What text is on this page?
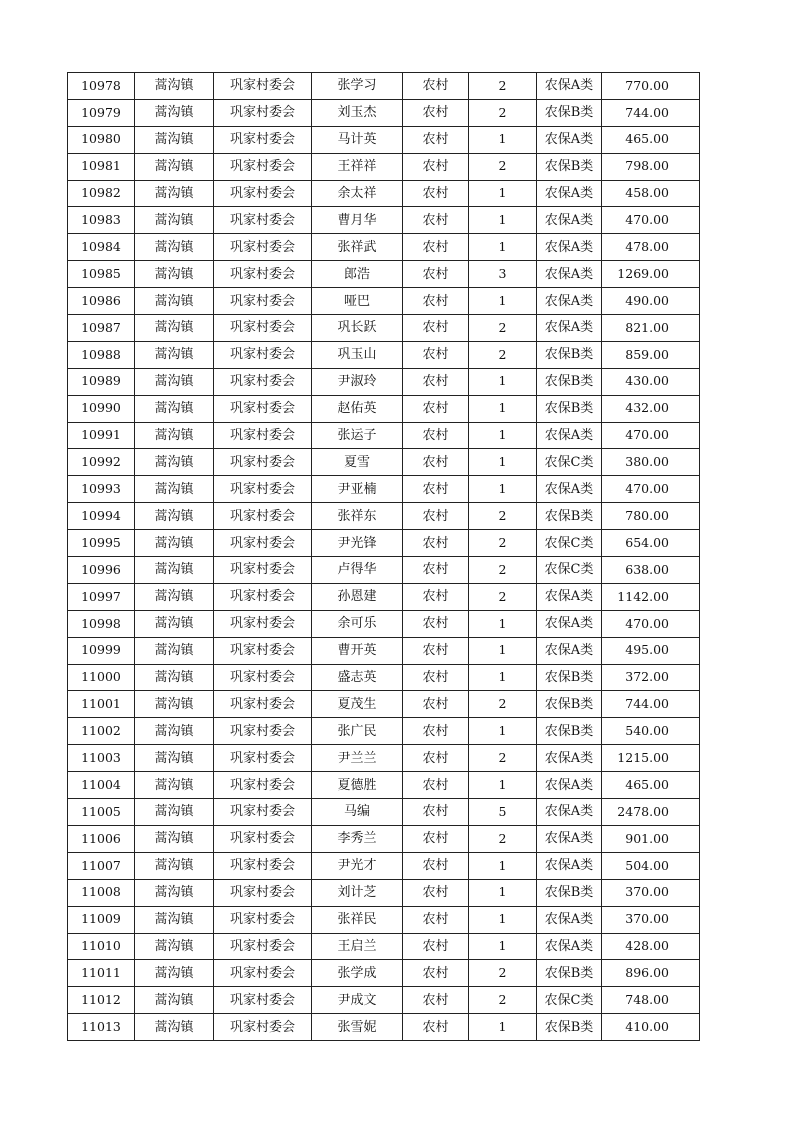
10978	蒿沟镇	巩家村委会	张学习	农村	2	农保A类	770.00
10979	蒿沟镇	巩家村委会	刘玉杰	农村	2	农保B类	744.00
10980	蒿沟镇	巩家村委会	马计英	农村	1	农保A类	465.00
10981	蒿沟镇	巩家村委会	王祥祥	农村	2	农保B类	798.00
10982	蒿沟镇	巩家村委会	余太祥	农村	1	农保A类	458.00
10983	蒿沟镇	巩家村委会	曹月华	农村	1	农保A类	470.00
10984	蒿沟镇	巩家村委会	张祥武	农村	1	农保A类	478.00
10985	蒿沟镇	巩家村委会	郎浩	农村	3	农保A类	1269.00
10986	蒿沟镇	巩家村委会	哑巴	农村	1	农保A类	490.00
10987	蒿沟镇	巩家村委会	巩长跃	农村	2	农保A类	821.00
10988	蒿沟镇	巩家村委会	巩玉山	农村	2	农保B类	859.00
10989	蒿沟镇	巩家村委会	尹淑玲	农村	1	农保B类	430.00
10990	蒿沟镇	巩家村委会	赵佑英	农村	1	农保B类	432.00
10991	蒿沟镇	巩家村委会	张运子	农村	1	农保A类	470.00
10992	蒿沟镇	巩家村委会	夏雪	农村	1	农保C类	380.00
10993	蒿沟镇	巩家村委会	尹亚楠	农村	1	农保A类	470.00
10994	蒿沟镇	巩家村委会	张祥东	农村	2	农保B类	780.00
10995	蒿沟镇	巩家村委会	尹光锋	农村	2	农保C类	654.00
10996	蒿沟镇	巩家村委会	卢得华	农村	2	农保C类	638.00
10997	蒿沟镇	巩家村委会	孙恩建	农村	2	农保A类	1142.00
10998	蒿沟镇	巩家村委会	余可乐	农村	1	农保A类	470.00
10999	蒿沟镇	巩家村委会	曹开英	农村	1	农保A类	495.00
11000	蒿沟镇	巩家村委会	盛志英	农村	1	农保B类	372.00
11001	蒿沟镇	巩家村委会	夏茂生	农村	2	农保B类	744.00
11002	蒿沟镇	巩家村委会	张广民	农村	1	农保B类	540.00
11003	蒿沟镇	巩家村委会	尹兰兰	农村	2	农保A类	1215.00
11004	蒿沟镇	巩家村委会	夏德胜	农村	1	农保A类	465.00
11005	蒿沟镇	巩家村委会	马编	农村	5	农保A类	2478.00
11006	蒿沟镇	巩家村委会	李秀兰	农村	2	农保A类	901.00
11007	蒿沟镇	巩家村委会	尹光才	农村	1	农保A类	504.00
11008	蒿沟镇	巩家村委会	刘计芝	农村	1	农保B类	370.00
11009	蒿沟镇	巩家村委会	张祥民	农村	1	农保A类	370.00
11010	蒿沟镇	巩家村委会	王启兰	农村	1	农保A类	428.00
11011	蒿沟镇	巩家村委会	张学成	农村	2	农保B类	896.00
11012	蒿沟镇	巩家村委会	尹成文	农村	2	农保C类	748.00
11013	蒿沟镇	巩家村委会	张雪妮	农村	1	农保B类	410.00
